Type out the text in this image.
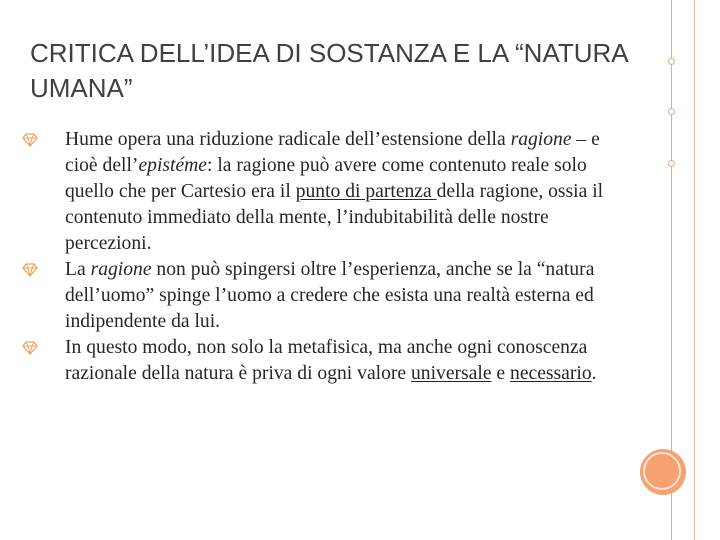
CRITICA DELL’IDEA DI SOSTANZA E LA “NATURA UMANA”
Hume opera una riduzione radicale dell’estensione della ragione – e cioè dell’epistéme: la ragione può avere come contenuto reale solo quello che per Cartesio era il punto di partenza della ragione, ossia il contenuto immediato della mente, l’indubitabilità delle nostre percezioni.
La ragione non può spingersi oltre l’esperienza, anche se la “natura dell’uomo” spinge l’uomo a credere che esista una realtà esterna ed indipendente da lui.
In questo modo, non solo la metafisica, ma anche ogni conoscenza razionale della natura è priva di ogni valore universale e necessario.
